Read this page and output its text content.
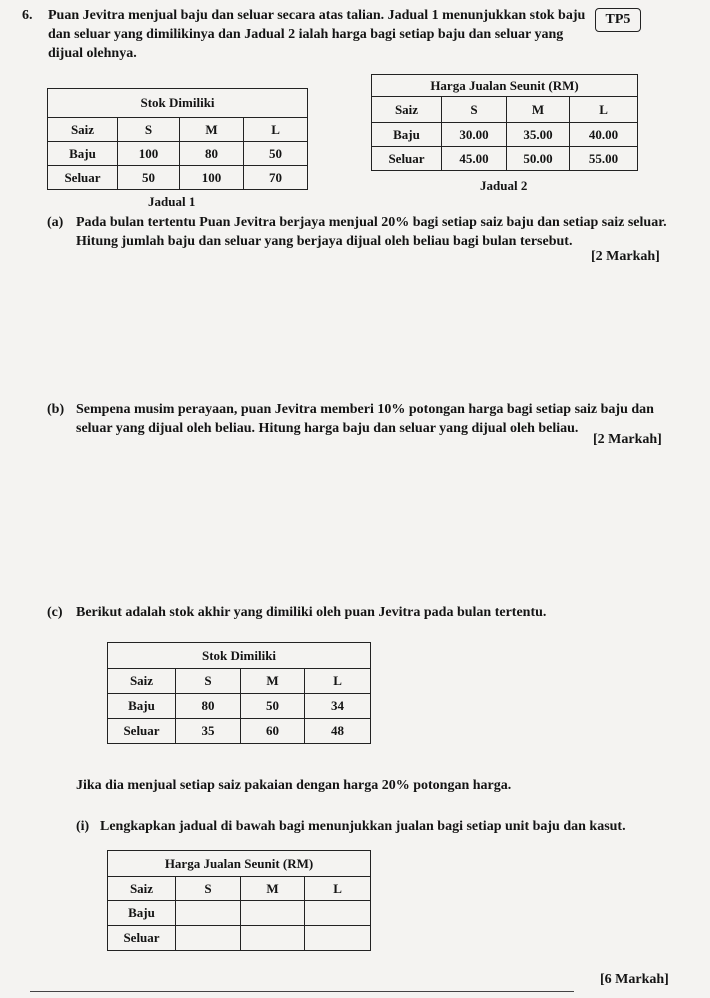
6. Puan Jevitra menjual baju dan seluar secara atas talian. Jadual 1 menunjukkan stok baju
dan seluar yang dimilikinya dan Jadual 2 ialah harga bagi setiap baju dan seluar yang
dijual olehnya.
TP5
Stok Dimiliki			
Saiz	S	M	L
Baju	100	80	50
Seluar	50	100	70
Jadual 1
Harga Jualan Seunit (RM)			
Saiz	S	M	L
Baju	30.00	35.00	40.00
Seluar	45.00	50.00	55.00
Jadual 2
(a) Pada bulan tertentu Puan Jevitra berjaya menjual 20% bagi setiap saiz baju dan setiap saiz seluar.
Hitung jumlah baju dan seluar yang berjaya dijual oleh beliau bagi bulan tersebut.
[2 Markah]
(b) Sempena musim perayaan, puan Jevitra memberi 10% potongan harga bagi setiap saiz baju dan
seluar yang dijual oleh beliau. Hitung harga baju dan seluar yang dijual oleh beliau.
[2 Markah]
(c) Berikut adalah stok akhir yang dimiliki oleh puan Jevitra pada bulan tertentu.
Stok Dimiliki			
Saiz	S	M	L
Baju	80	50	34
Seluar	35	60	48
Jika dia menjual setiap saiz pakaian dengan harga 20% potongan harga.
(i) Lengkapkan jadual di bawah bagi menunjukkan jualan bagi setiap unit baju dan kasut.
Harga Jualan Seunit (RM)			
Saiz	S	M	L
Baju			
Seluar			
[6 Markah]
